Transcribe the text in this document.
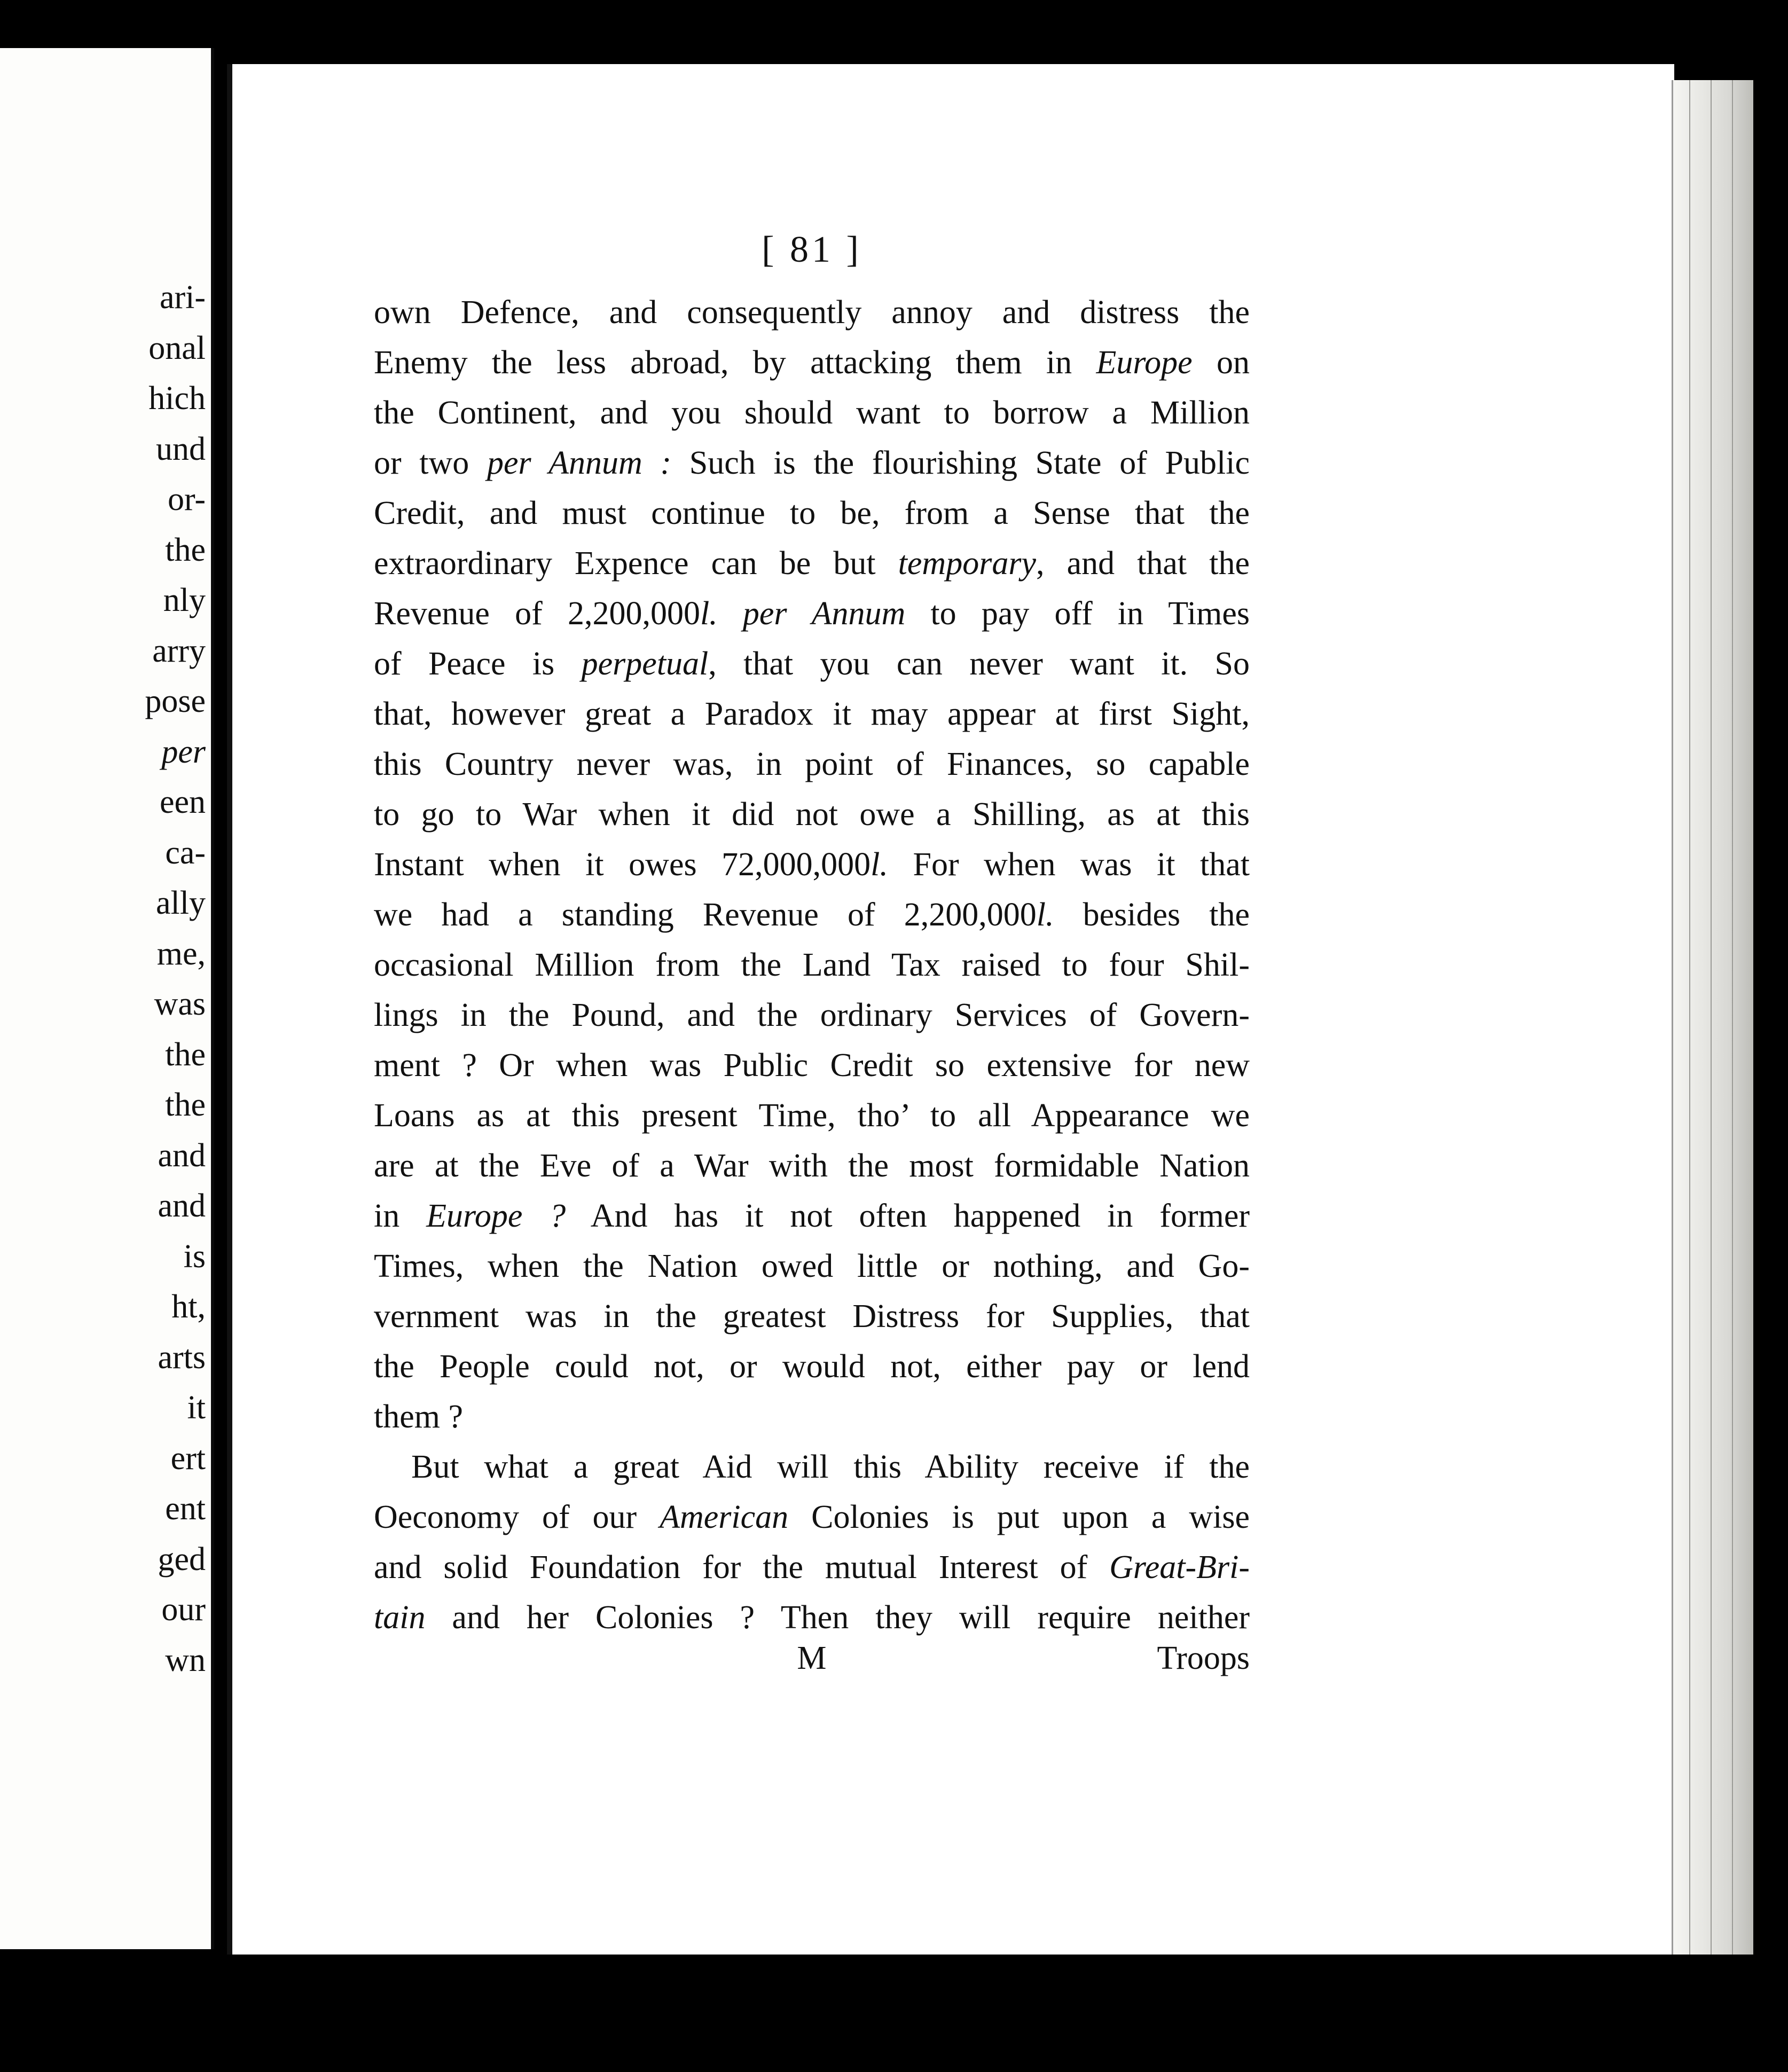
ari-
onal
hich
und
or-
the
nly
arry
pose
per
een
ca-
ally
me,
was
the
the
and
and
is
ht,
arts
it
ert
ent
ged
our
wn
[ 81 ]
own Defence, and consequently annoy and distress the
Enemy the less abroad, by attacking them in Europe on
the Continent, and you should want to borrow a Million
or two per Annum : Such is the flourishing State of Public
Credit, and must continue to be, from a Sense that the
extraordinary Expence can be but temporary, and that the
Revenue of 2,200,000l. per Annum to pay off in Times
of Peace is perpetual, that you can never want it. So
that, however great a Paradox it may appear at first Sight,
this Country never was, in point of Finances, so capable
to go to War when it did not owe a Shilling, as at this
Instant when it owes 72,000,000l. For when was it that
we had a standing Revenue of 2,200,000l. besides the
occasional Million from the Land Tax raised to four Shil-
lings in the Pound, and the ordinary Services of Govern-
ment ? Or when was Public Credit so extensive for new
Loans as at this present Time, tho’ to all Appearance we
are at the Eve of a War with the most formidable Nation
in Europe ? And has it not often happened in former
Times, when the Nation owed little or nothing, and Go-
vernment was in the greatest Distress for Supplies, that
the People could not, or would not, either pay or lend
them ?
But what a great Aid will this Ability receive if the
Oeconomy of our American Colonies is put upon a wise
and solid Foundation for the mutual Interest of Great-Bri-
tain and her Colonies ? Then they will require neither
M	Troops
